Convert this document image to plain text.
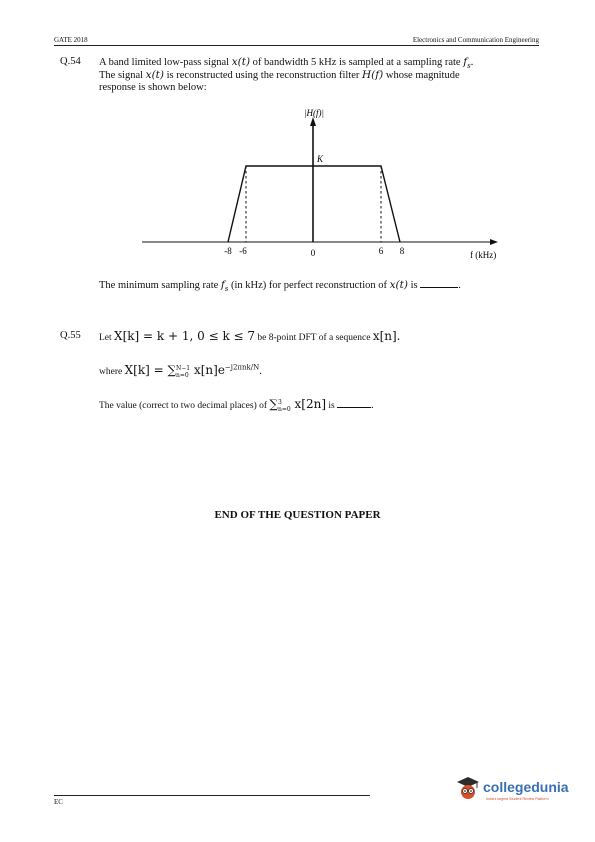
GATE 2018	Electronics and Communication Engineering
Q.54 A band limited low-pass signal x(t) of bandwidth 5 kHz is sampled at a sampling rate $f_s$.
The signal x(t) is reconstructed using the reconstruction filter H(f) whose magnitude
response is shown below:
|H(f)|
K
-8 -6	0	6 8	f (kHz)
The minimum sampling rate $f_s$ (in kHz) for perfect reconstruction of x(t) is	.
Q.55 Let X[k] = k + 1, 0 ≤ k ≤ 7 be 8-point DFT of a sequence x[n].
where X[k] = ∑ N−1
n=0 $x[n]e^{-j2\pi nk/N}$.
The value (correct to two decimal places) of ∑ 3
n=0 x[2n] is	.
END OF THE QUESTION PAPER
collegedunia
India's largest Student Review Platform
EC
